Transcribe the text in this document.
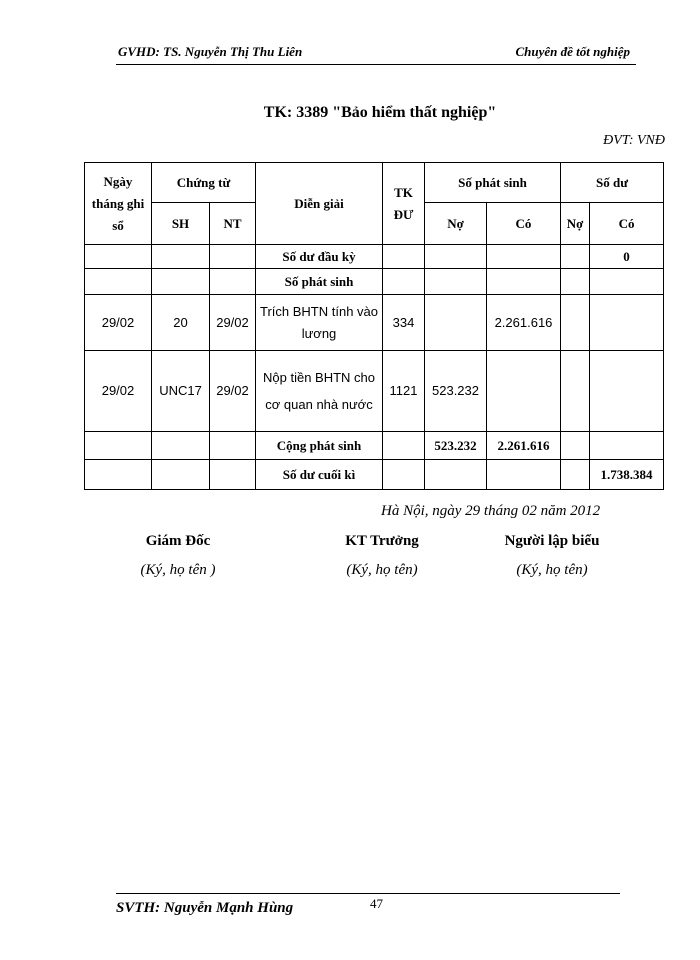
GVHD: TS. Nguyễn Thị Thu Liên	Chuyên đề tốt nghiệp
TK: 3389 "Bảo hiểm thất nghiệp"
ĐVT: VNĐ
Ngày tháng ghi sổ	Chứng từ		Diễn giải	TK ĐƯ	Số phát sinh		Số dư	
	SH	NT			Nợ	Có	Nợ	Có
			Số dư đầu kỳ					0
			Số phát sinh					
29/02	20	29/02	Trích BHTN tính vào lương	334		2.261.616		
29/02	UNC17	29/02	Nộp tiền BHTN cho cơ quan nhà nước	1121	523.232			
			Cộng phát sinh		523.232	2.261.616		
			Số dư cuối kì					1.738.384
Hà Nội, ngày 29 tháng 02 năm 2012
Giám Đốc
(Ký, họ tên )
KT Trưởng
(Ký, họ tên)
Người lập biểu
(Ký, họ tên)
SVTH: Nguyễn Mạnh Hùng	47
